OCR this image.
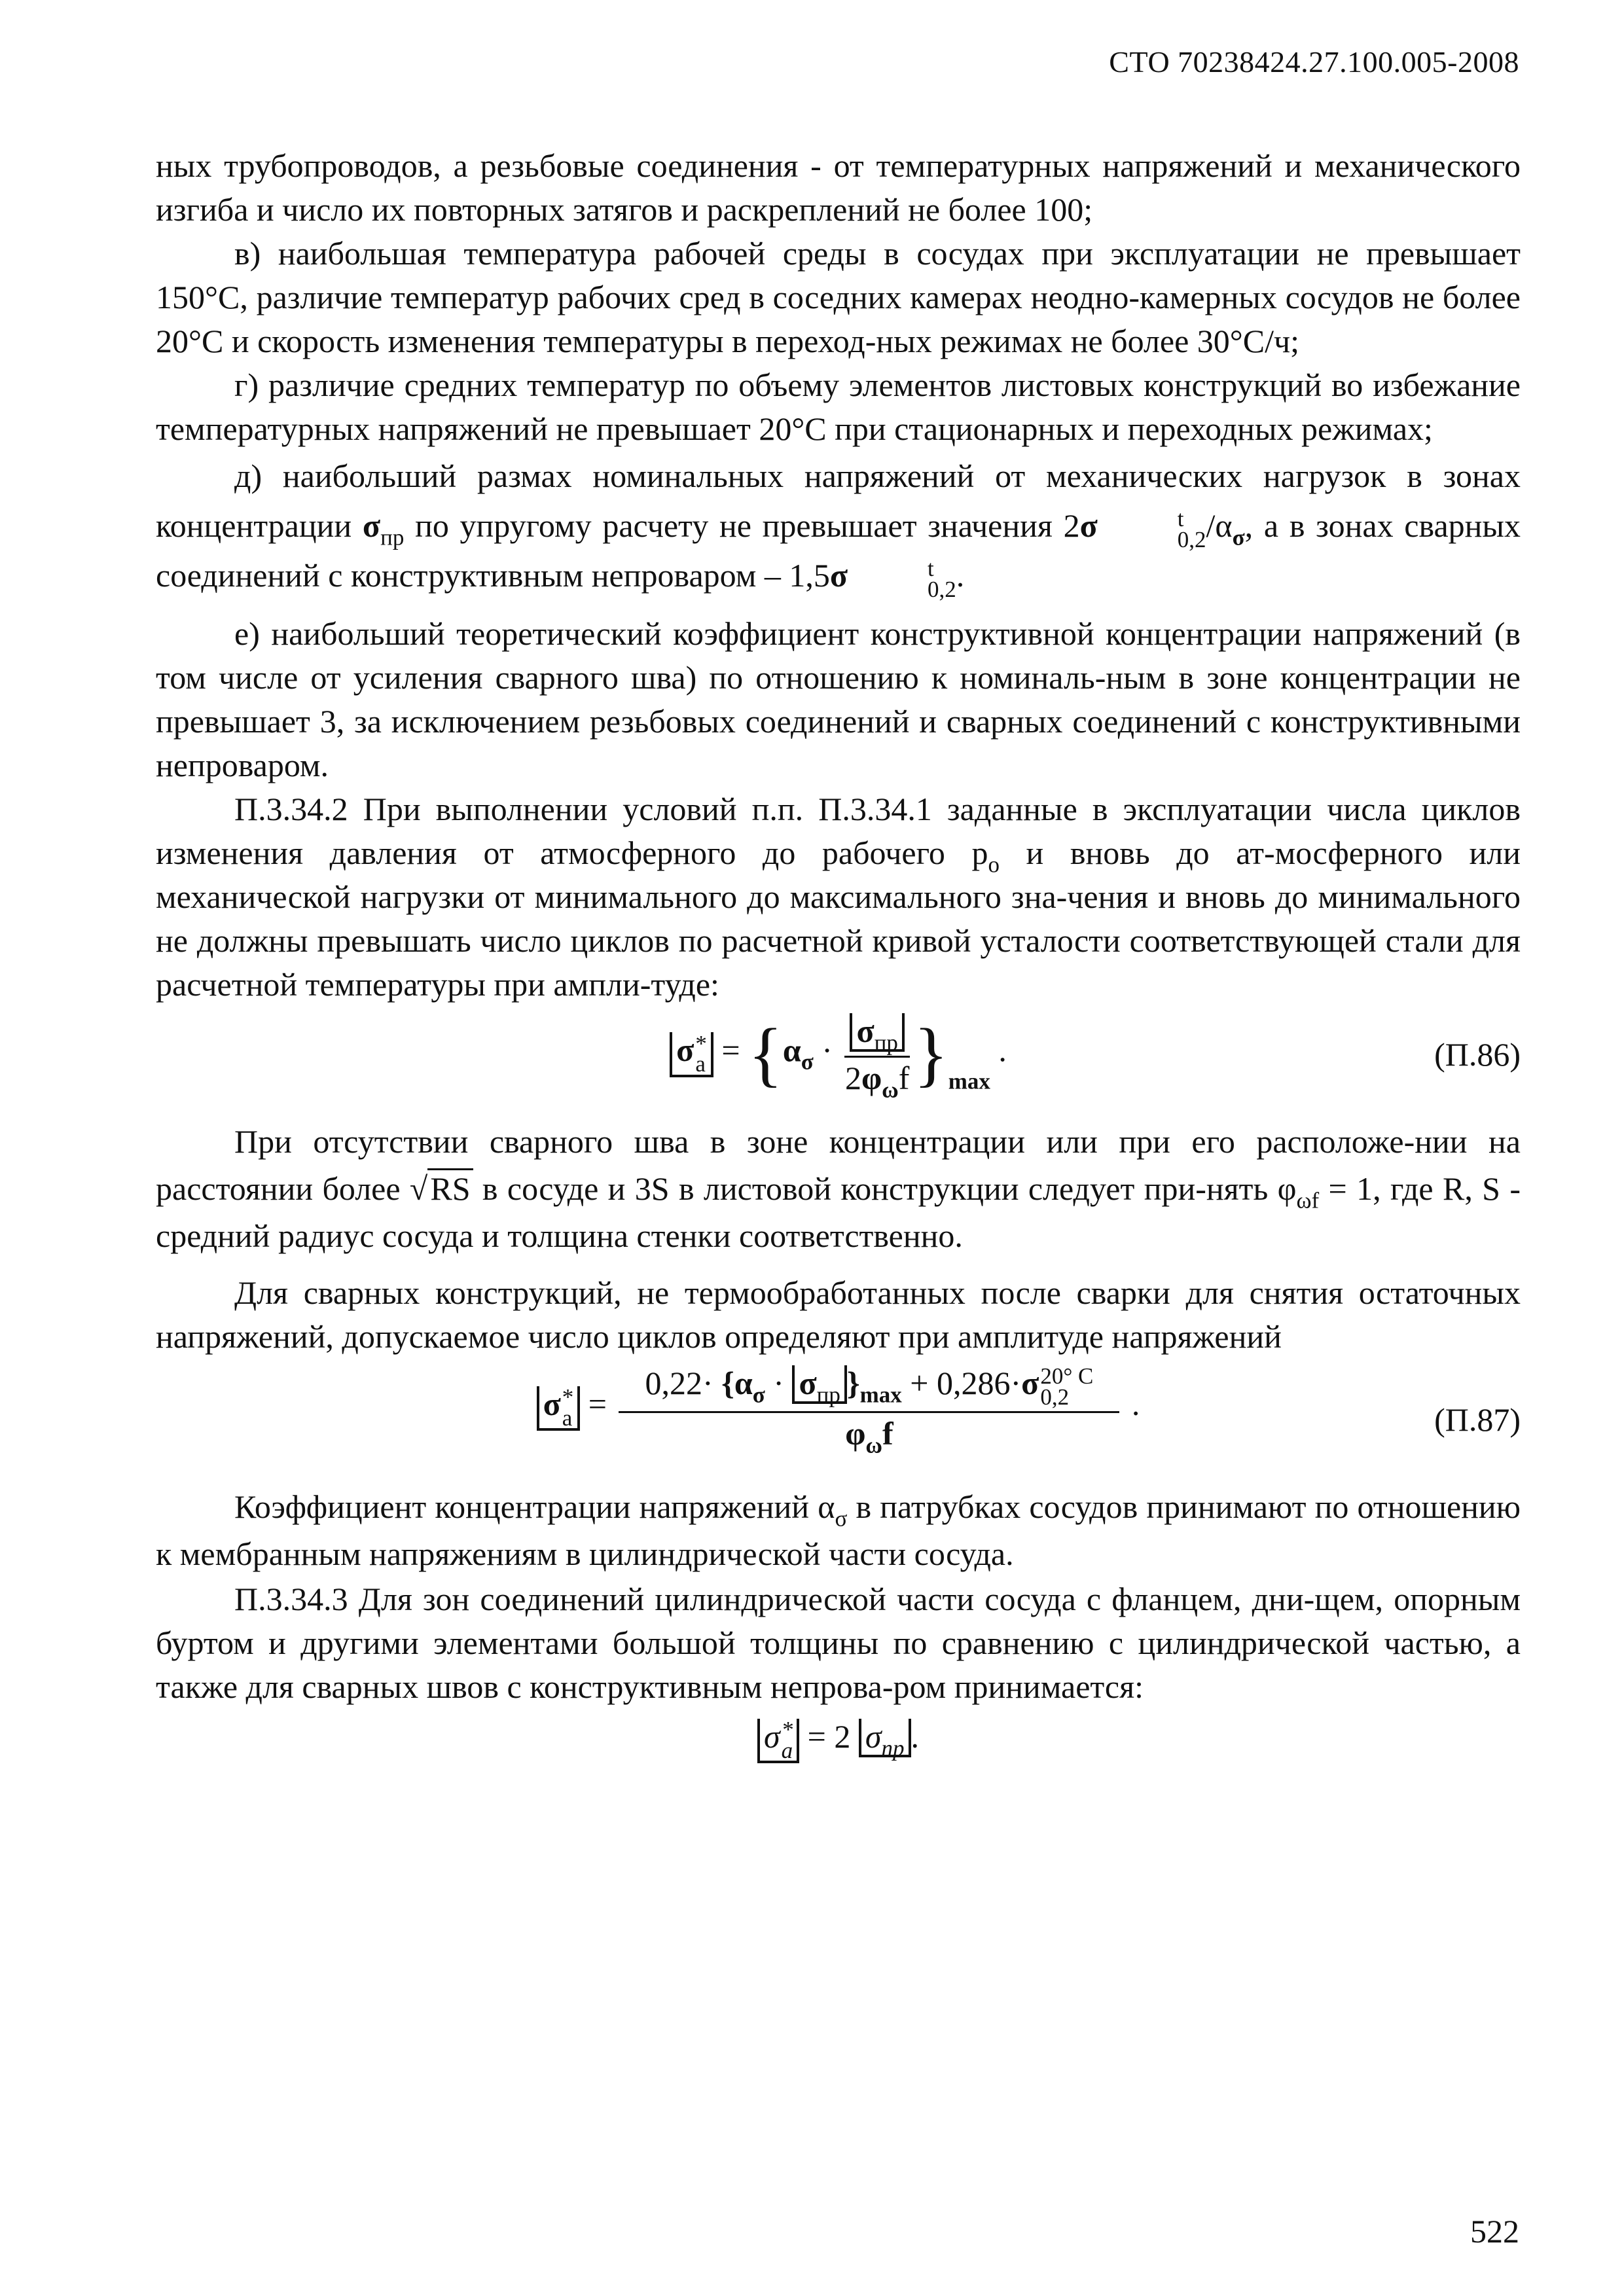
СТО 70238424.27.100.005-2008

ных трубопроводов, а резьбовые соединения - от температурных напряжений и механического изгиба и число их повторных затягов и раскреплений не более 100;

в) наибольшая температура рабочей среды в сосудах при эксплуатации не превышает 150°С, различие температур рабочих сред в соседних камерах неодно-камерных сосудов не более 20°С и скорость изменения температуры в переход-ных режимах не более 30°С/ч;

г) различие средних температур по объему элементов листовых конструкций во избежание температурных напряжений не превышает 20°С при стационарных и переходных режимах;

д) наибольший размах номинальных напряжений от механических нагрузок в зонах концентрации $\sigma_{пр}$ по упругому расчету не превышает значения 2σ	t
0,2 $/\alpha_\sigma$, а в зонах сварных соединений с конструктивным непроваром – 1,5σ	t
0,2 .

е) наибольший теоретический коэффициент конструктивной концентрации напряжений (в том числе от усиления сварного шва) по отношению к номиналь-ным в зоне концентрации не превышает 3, за исключением резьбовых соединений и сварных соединений с конструктивными непроваром.

П.3.34.2 При выполнении условий п.п. П.3.34.1 заданные в эксплуатации числа циклов изменения давления от атмосферного до рабочего $р_о$ и вновь до ат-мосферного или механической нагрузки от минимального до максимального зна-чения и вновь до минимального не должны превышать число циклов по расчетной кривой усталости соответствующей стали для расчетной температуры при ампли-туде:

σ *
$а = \{\alpha_\sigma \cdot \frac{\sigma_{пр}}{2\varphi_\omega f} \}_{max}$ .	(П.86)

При отсутствии сварного шва в зоне концентрации или при его расположе-нии на расстоянии более √RS в сосуде и 3S в листовой конструкции следует при-нять $\varphi_{\omega f} = 1$, где R, S - средний радиус сосуда и толщина стенки соответственно.

Для сварных конструкций, не термообработанных после сварки для снятия остаточных напряжений, допускаемое число циклов определяют при амплитуде напряжений

σ *
а =
$0,22\cdot \{\alpha_\sigma \cdot \sigma_{пр}$ }$_{max} + 0,286\cdot\sigma$ 20° С
0,2
$\varphi_\omega f$
.	(П.87)

Коэффициент концентрации напряжений $\alpha_\sigma$ в патрубках сосудов принимают по отношению к мембранным напряжениям в цилиндрической части сосуда.

П.3.34.3 Для зон соединений цилиндрической части сосуда с фланцем, дни-щем, опорным буртом и другими элементами большой толщины по сравнению с цилиндрической частью, а также для сварных швов с конструктивным непрова-ром принимается:

σ *
а = 2 $\sigma_{пр}$ .
522
